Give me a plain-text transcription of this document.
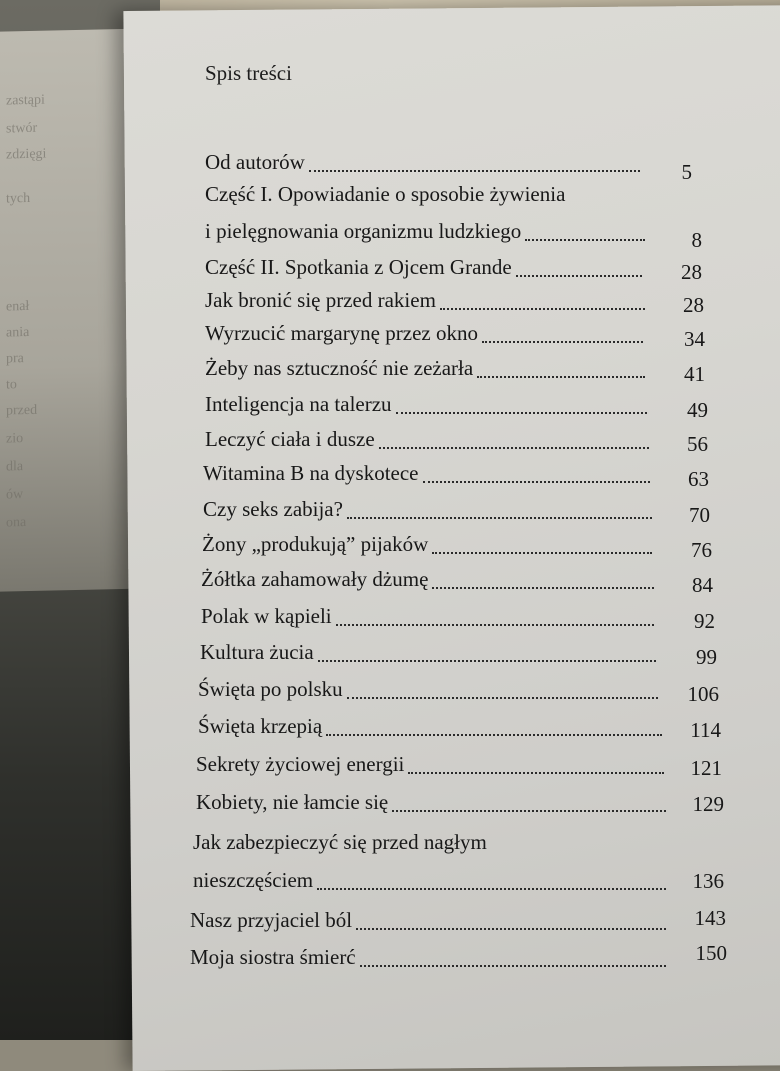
zastąpi
stwór
zdzięgi
tych
enał
ania
pra
to
przed
zio
dla
ów
ona
Spis treści
Od autorów	5
Część I. Opowiadanie o sposobie żywienia
i pielęgnowania organizmu ludzkiego	8
Część II. Spotkania z Ojcem Grande	28
Jak bronić się przed rakiem	28
Wyrzucić margarynę przez okno	34
Żeby nas sztuczność nie zeżarła	41
Inteligencja na talerzu	49
Leczyć ciała i dusze	56
Witamina B na dyskotece	63
Czy seks zabija?	70
Żony „produkują” pijaków	76
Żółtka zahamowały dżumę	84
Polak w kąpieli	92
Kultura żucia	99
Święta po polsku	106
Święta krzepią	114
Sekrety życiowej energii	121
Kobiety, nie łamcie się	129
Jak zabezpieczyć się przed nagłym
nieszczęściem	136
Nasz przyjaciel ból	143
Moja siostra śmierć	150
